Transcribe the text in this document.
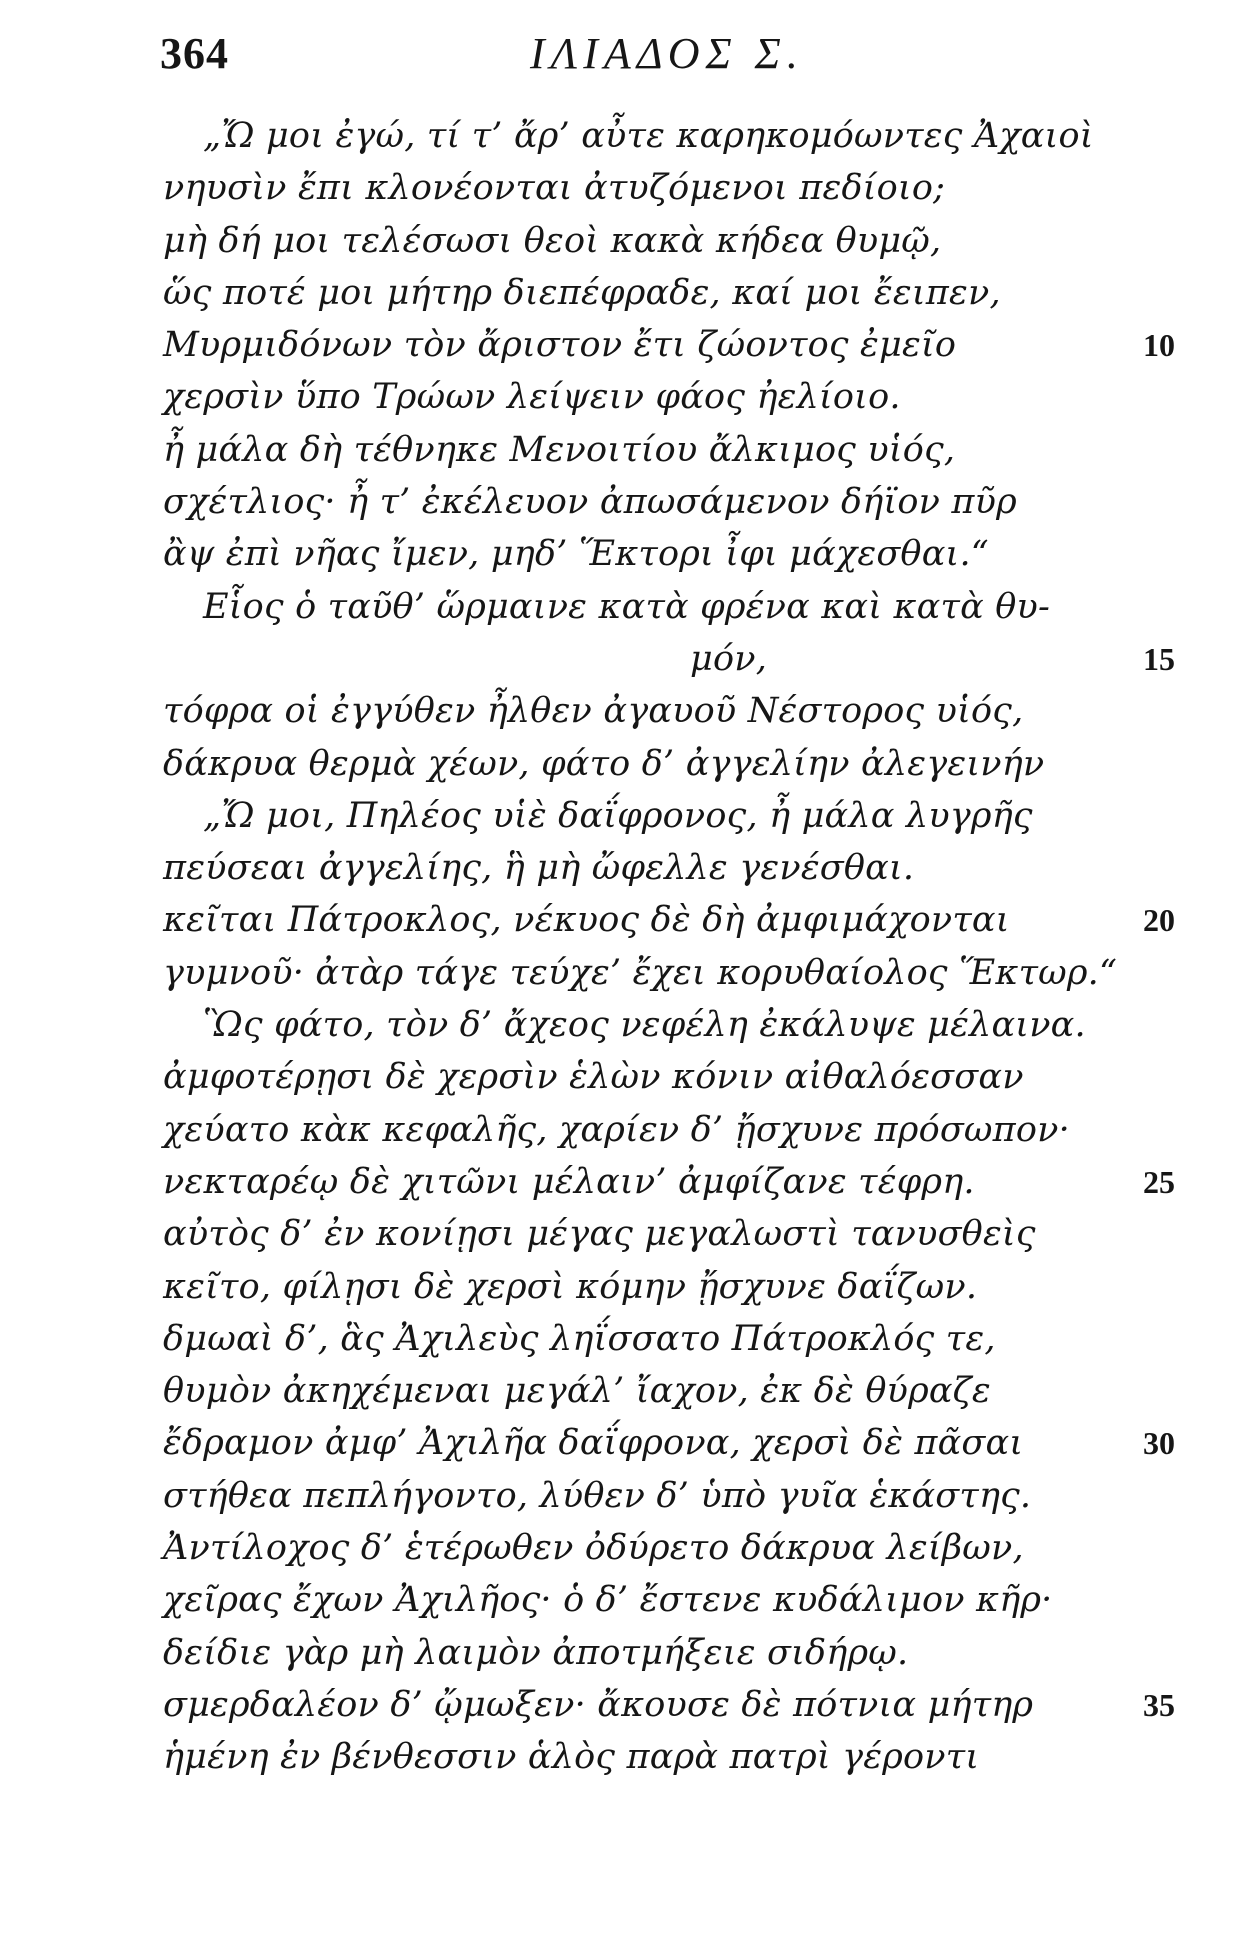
364	ΙΛΙΑΔΟΣ Σ.
„Ὤ μοι ἐγώ, τί τ’ ἄρ’ αὖτε καρηκομόωντες Ἀχαιοὶ
νηυσὶν ἔπι κλονέονται ἀτυζόμενοι πεδίοιο;
μὴ δή μοι τελέσωσι θεοὶ κακὰ κήδεα θυμῷ,
ὥς ποτέ μοι μήτηρ διεπέφραδε, καί μοι ἔειπεν,
Μυρμιδόνων τὸν ἄριστον ἔτι ζώοντος ἐμεῖο	10
χερσὶν ὕπο Τρώων λείψειν φάος ἠελίοιο.
ἦ μάλα δὴ τέθνηκε Μενοιτίου ἄλκιμος υἱός,
σχέτλιος· ἦ τ’ ἐκέλευον ἀπωσάμενον δήϊον πῦρ
ἂψ ἐπὶ νῆας ἴμεν, μηδ’ Ἕκτορι ἶφι μάχεσθαι.“
Εἷος ὁ ταῦθ’ ὥρμαινε κατὰ φρένα καὶ κατὰ θυ-
μόν,	15
τόφρα οἱ ἐγγύθεν ἦλθεν ἀγαυοῦ Νέστορος υἱός,
δάκρυα θερμὰ χέων, φάτο δ’ ἀγγελίην ἀλεγεινήν
„Ὤ μοι, Πηλέος υἱὲ δαΐφρονος, ἦ μάλα λυγρῆς
πεύσεαι ἀγγελίης, ἣ μὴ ὤφελλε γενέσθαι.
κεῖται Πάτροκλος, νέκυος δὲ δὴ ἀμφιμάχονται	20
γυμνοῦ· ἀτὰρ τάγε τεύχε’ ἔχει κορυθαίολος Ἕκτωρ.“
Ὣς φάτο, τὸν δ’ ἄχεος νεφέλη ἐκάλυψε μέλαινα.
ἀμφοτέρῃσι δὲ χερσὶν ἑλὼν κόνιν αἰθαλόεσσαν
χεύατο κὰκ κεφαλῆς, χαρίεν δ’ ᾔσχυνε πρόσωπον·
νεκταρέῳ δὲ χιτῶνι μέλαιν’ ἀμφίζανε τέφρη.	25
αὐτὸς δ’ ἐν κονίῃσι μέγας μεγαλωστὶ τανυσθεὶς
κεῖτο, φίλῃσι δὲ χερσὶ κόμην ᾔσχυνε δαΐζων.
δμωαὶ δ’, ἃς Ἀχιλεὺς ληΐσσατο Πάτροκλός τε,
θυμὸν ἀκηχέμεναι μεγάλ’ ἴαχον, ἐκ δὲ θύραζε
ἔδραμον ἀμφ’ Ἀχιλῆα δαΐφρονα, χερσὶ δὲ πᾶσαι	30
στήθεα πεπλήγοντο, λύθεν δ’ ὑπὸ γυῖα ἑκάστης.
Ἀντίλοχος δ’ ἑτέρωθεν ὀδύρετο δάκρυα λείβων,
χεῖρας ἔχων Ἀχιλῆος· ὁ δ’ ἔστενε κυδάλιμον κῆρ·
δείδιε γὰρ μὴ λαιμὸν ἀποτμήξειε σιδήρῳ.
σμερδαλέον δ’ ᾤμωξεν· ἄκουσε δὲ πότνια μήτηρ	35
ἡμένη ἐν βένθεσσιν ἁλὸς παρὰ πατρὶ γέροντι
